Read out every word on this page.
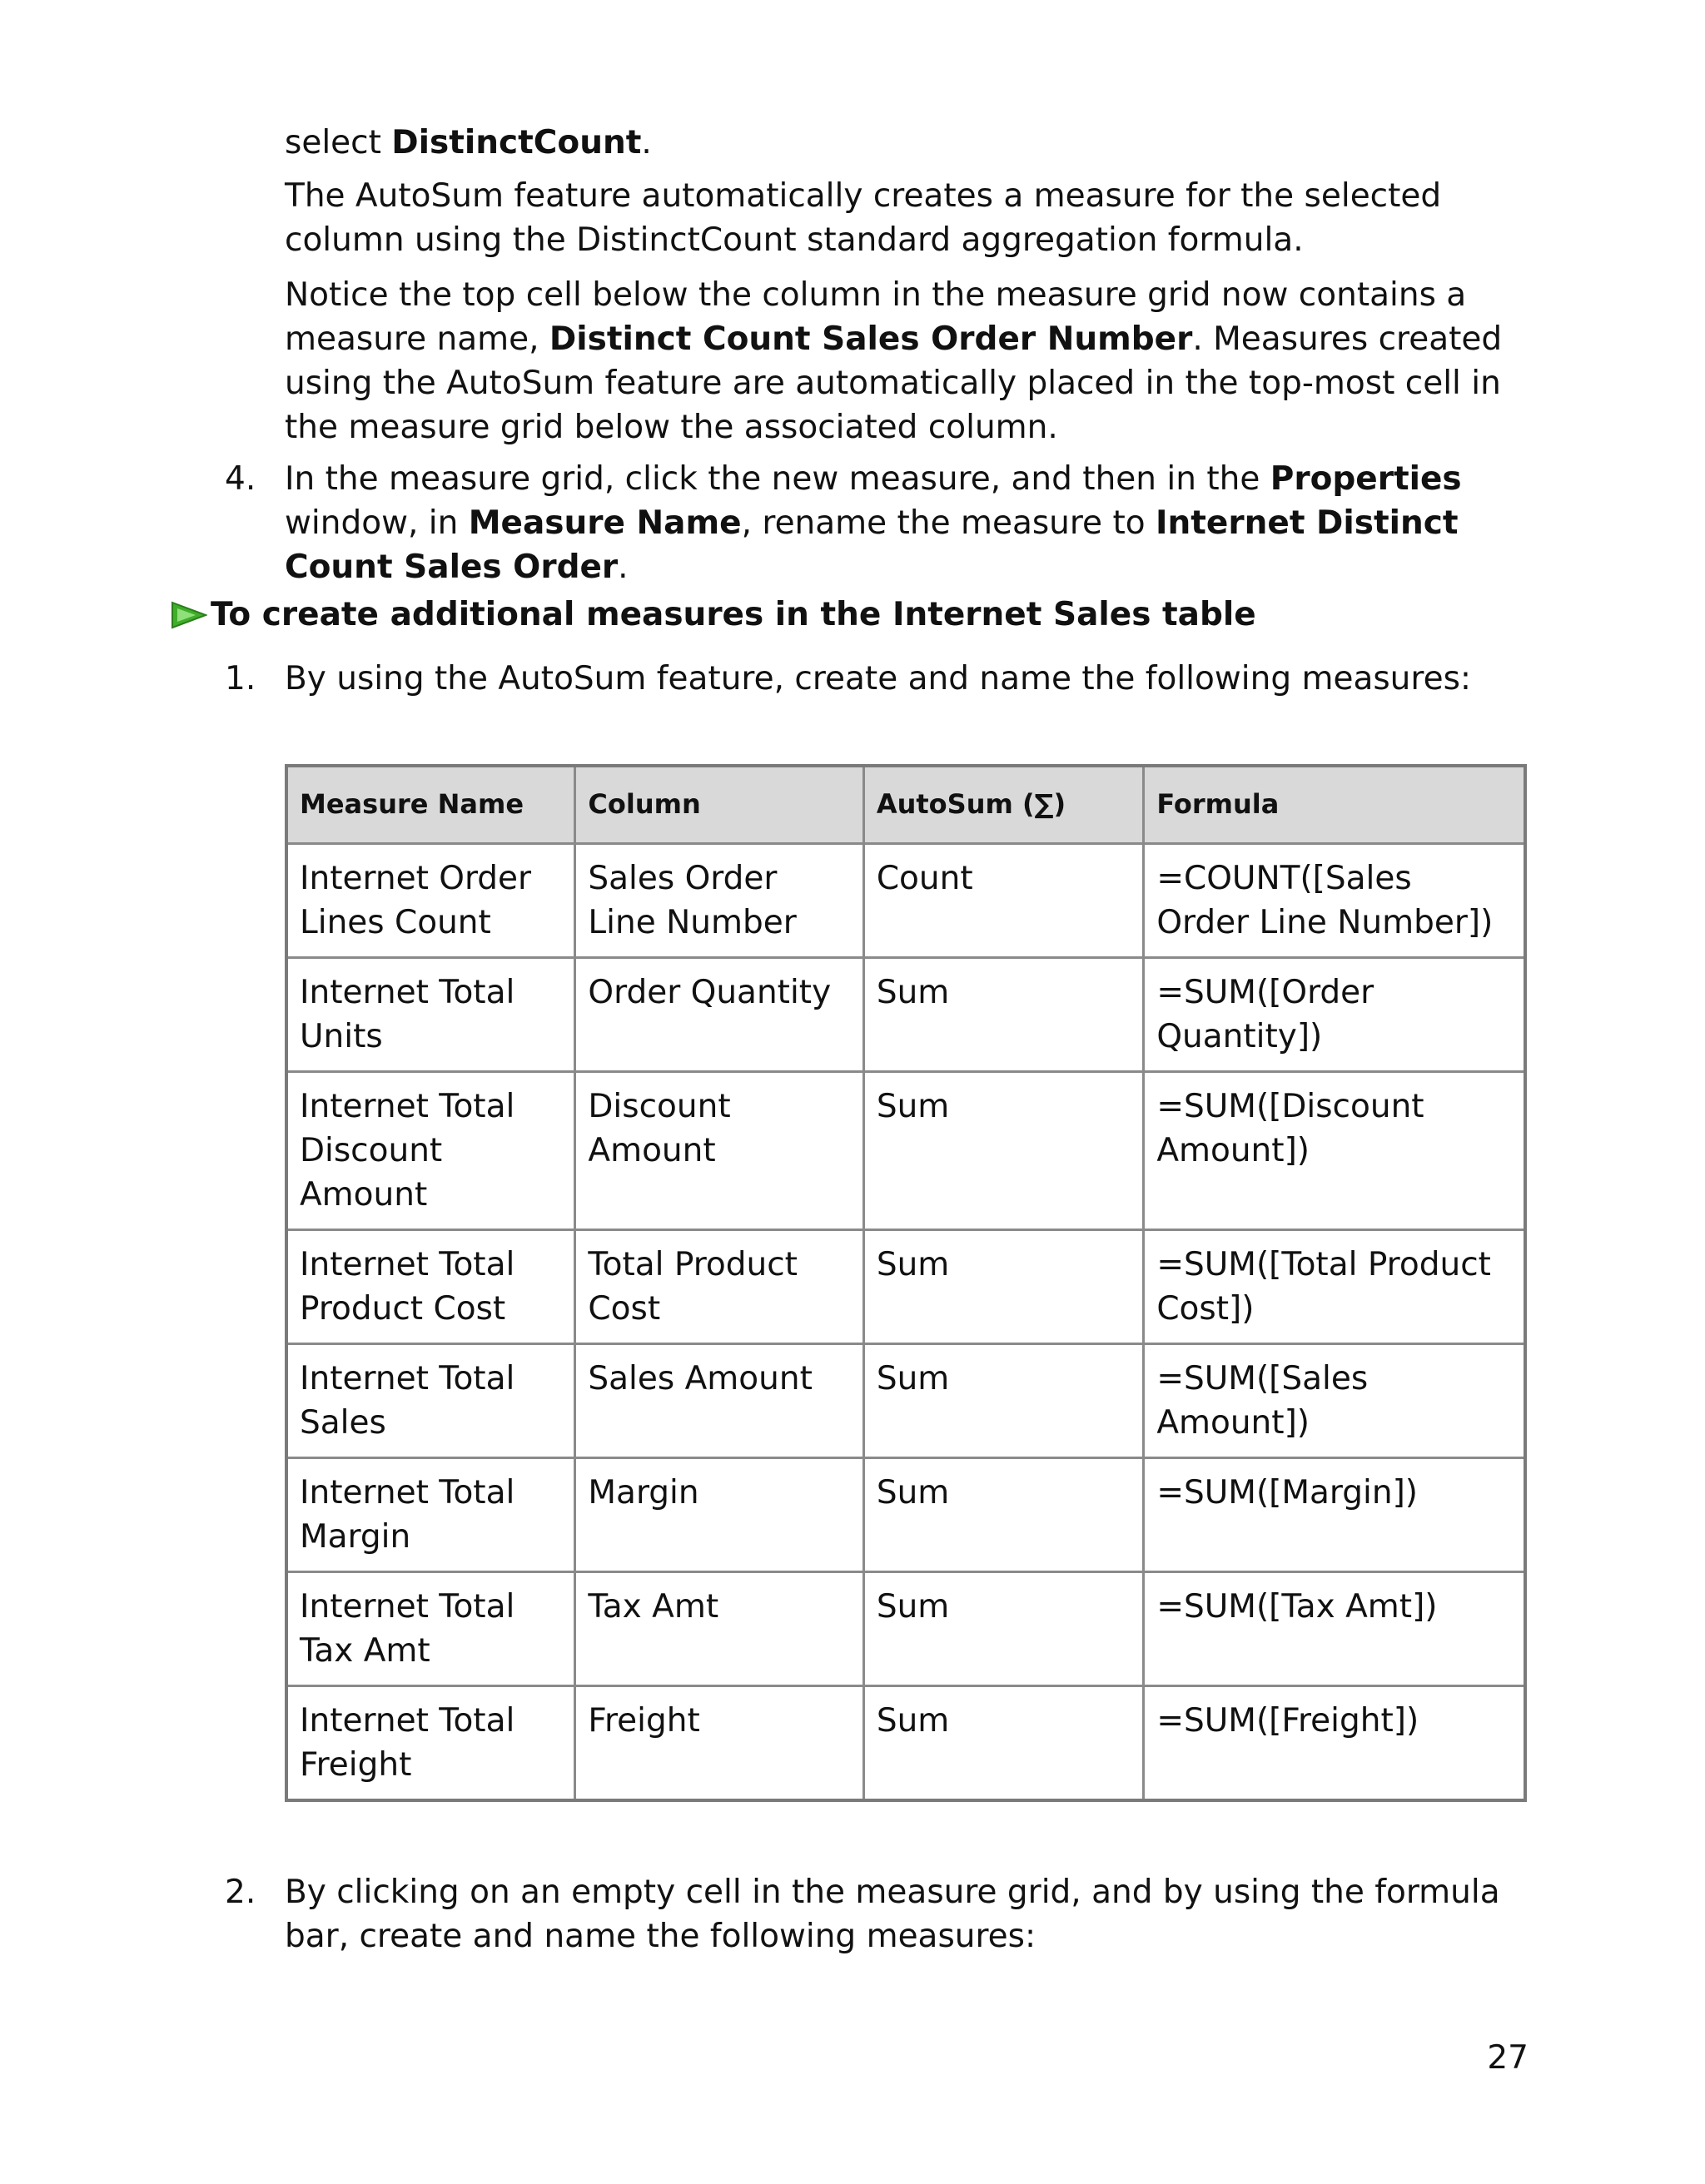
select DistinctCount.

The AutoSum feature automatically creates a measure for the selected column using the DistinctCount standard aggregation formula.

Notice the top cell below the column in the measure grid now contains a measure name, Distinct Count Sales Order Number. Measures created using the AutoSum feature are automatically placed in the top-most cell in the measure grid below the associated column.

4. In the measure grid, click the new measure, and then in the Properties window, in Measure Name, rename the measure to Internet Distinct Count Sales Order.
To create additional measures in the Internet Sales table
1. By using the AutoSum feature, create and name the following measures:
Measure Name	Column	AutoSum (∑)	Formula
Internet Order Lines Count	Sales Order Line Number	Count	=COUNT([Sales Order Line Number])
Internet Total Units	Order Quantity	Sum	=SUM([Order Quantity])
Internet Total Discount Amount	Discount Amount	Sum	=SUM([Discount Amount])
Internet Total Product Cost	Total Product Cost	Sum	=SUM([Total Product Cost])
Internet Total Sales	Sales Amount	Sum	=SUM([Sales Amount])
Internet Total Margin	Margin	Sum	=SUM([Margin])
Internet Total Tax Amt	Tax Amt	Sum	=SUM([Tax Amt])
Internet Total Freight	Freight	Sum	=SUM([Freight])
2. By clicking on an empty cell in the measure grid, and by using the formula bar, create and name the following measures:
27
